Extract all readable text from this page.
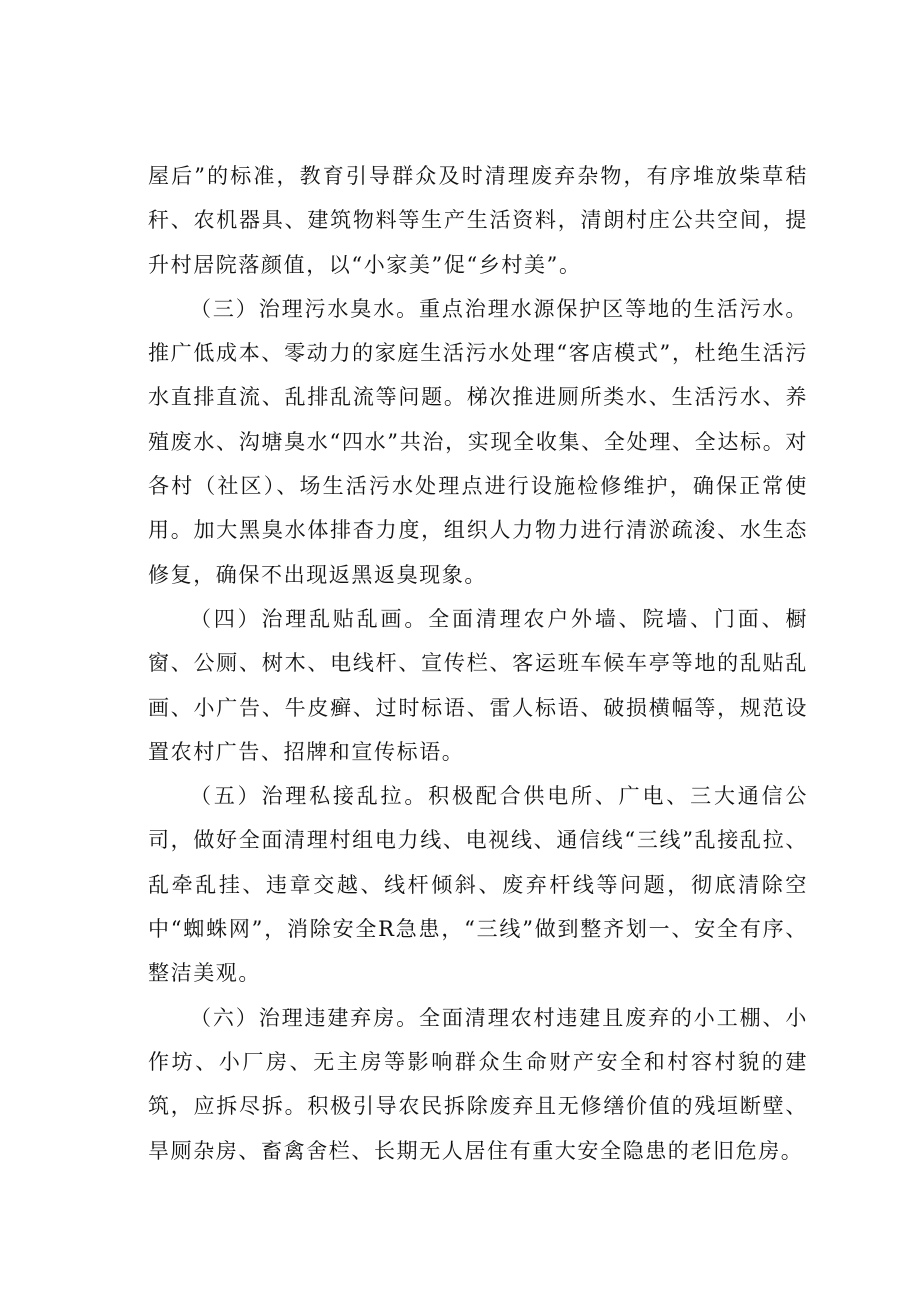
屋后”的标准，教育引导群众及时清理废弃杂物，有序堆放柴草秸秆、农机器具、建筑物料等生产生活资料，清朗村庄公共空间，提升村居院落颜值，以“小家美”促“乡村美”。

（三）治理污水臭水。重点治理水源保护区等地的生活污水。推广低成本、零动力的家庭生活污水处理“客店模式”，杜绝生活污水直排直流、乱排乱流等问题。梯次推进厕所类水、生活污水、养殖废水、沟塘臭水“四水”共治，实现全收集、全处理、全达标。对各村（社区）、场生活污水处理点进行设施检修维护，确保正常使用。加大黑臭水体排杳力度，组织人力物力进行清淤疏浚、水生态修复，确保不出现返黑返臭现象。

（四）治理乱贴乱画。全面清理农户外墙、院墙、门面、橱窗、公厕、树木、电线杆、宣传栏、客运班车候车亭等地的乱贴乱画、小广告、牛皮癣、过时标语、雷人标语、破损横幅等，规范设置农村广告、招牌和宣传标语。

（五）治理私接乱拉。积极配合供电所、广电、三大通信公司，做好全面清理村组电力线、电视线、通信线“三线”乱接乱拉、乱牵乱挂、违章交越、线杆倾斜、废弃杆线等问题，彻底清除空中“蜘蛛网”，消除安全R急患，“三线”做到整齐划一、安全有序、整洁美观。

（六）治理违建弃房。全面清理农村违建且废弃的小工棚、小作坊、小厂房、无主房等影响群众生命财产安全和村容村貌的建筑，应拆尽拆。积极引导农民拆除废弃且无修缮价值的残垣断壁、旱厕杂房、畜禽舍栏、长期无人居住有重大安全隐患的老旧危房。
